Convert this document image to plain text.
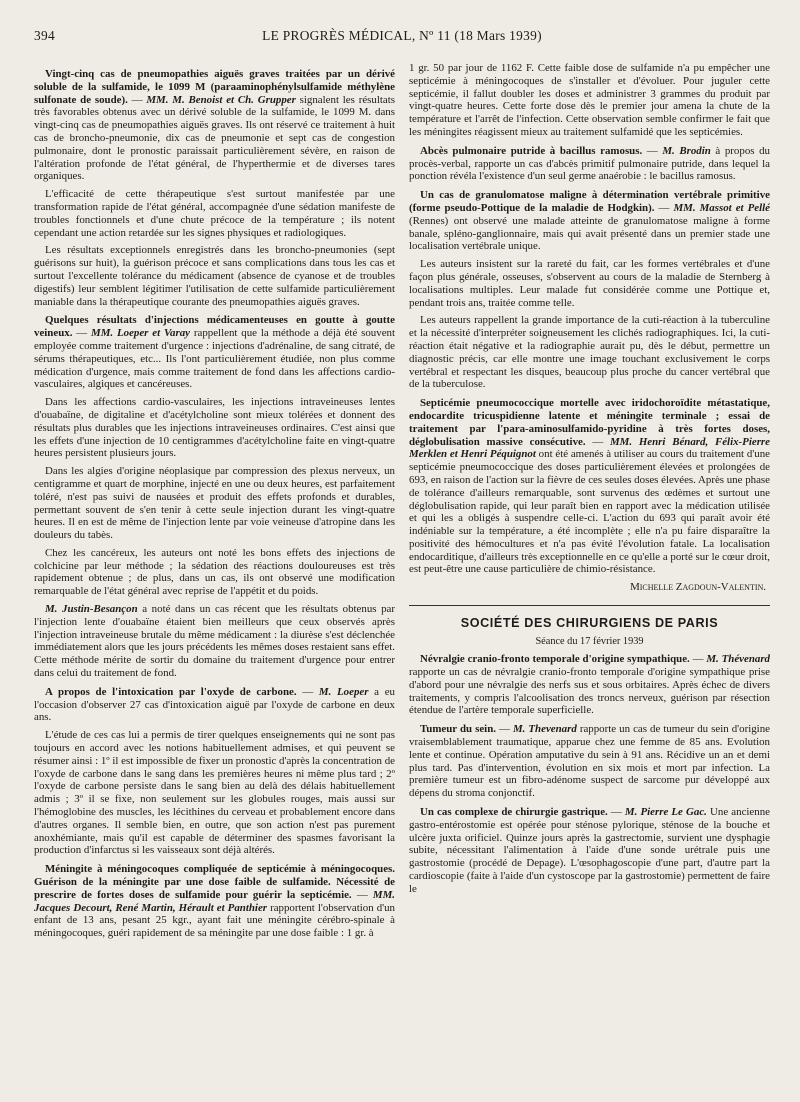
394	LE PROGRÈS MÉDICAL, Nº 11 (18 Mars 1939)

Vingt-cinq cas de pneumopathies aiguës graves traitées par un dérivé soluble de la sulfamide, le 1099 M (paraaminophénylsulfamide méthylène sulfonate de soude). — MM. M. Benoist et Ch. Grupper signalent les résultats très favorables obtenus avec un dérivé soluble de la sulfamide, le 1099 M. dans vingt-cinq cas de pneumopathies aiguës graves. Ils ont réservé ce traitement à huit cas de broncho-pneumonie, dix cas de pneumonie et sept cas de congestion pulmonaire, dont le pronostic paraissait particulièrement sévère, en raison de l'altération profonde de l'état général, de l'hyperthermie et de diverses tares organiques.

L'efficacité de cette thérapeutique s'est surtout manifestée par une transformation rapide de l'état général, accompagnée d'une sédation manifeste de troubles fonctionnels et d'une chute précoce de la température ; ils notent cependant une action retardée sur les signes physiques et radiologiques.

Les résultats exceptionnels enregistrés dans les broncho-pneumonies (sept guérisons sur huit), la guérison précoce et sans complications dans tous les cas et surtout l'excellente tolérance du médicament (absence de cyanose et de troubles digestifs) leur semblent légitimer l'utilisation de cette sulfamide particulièrement maniable dans la thérapeutique courante des pneumopathies aiguës graves.

Quelques résultats d'injections médicamenteuses en goutte à goutte veineux. — MM. Loeper et Varay rappellent que la méthode a déjà été souvent employée comme traitement d'urgence : injections d'adrénaline, de sang citraté, de sérums thérapeutiques, etc... Ils l'ont particulièrement étudiée, non plus comme médication d'urgence, mais comme traitement de fond dans les affections cardio-vasculaires, algiques et cancéreuses.

Dans les affections cardio-vasculaires, les injections intraveineuses lentes d'ouabaïne, de digitaline et d'acétylcholine sont mieux tolérées et donnent des résultats plus durables que les injections intraveineuses ordinaires. C'est ainsi que les effets d'une injection de 10 centigrammes d'acétylcholine faite en vingt-quatre heures persistent plusieurs jours.

Dans les algies d'origine néoplasique par compression des plexus nerveux, un centigramme et quart de morphine, injecté en une ou deux heures, est parfaitement toléré, n'est pas suivi de nausées et produit des effets profonds et durables, permettant souvent de s'en tenir à cette seule injection durant les vingt-quatre heures. Il en est de même de l'injection lente par voie veineuse d'atropine dans les douleurs du tabès.

Chez les cancéreux, les auteurs ont noté les bons effets des injections de colchicine par leur méthode ; la sédation des réactions douloureuses est très rapidement obtenue ; de plus, dans un cas, ils ont observé une modification remarquable de l'état général avec reprise de l'appétit et du poids.

M. Justin-Besançon a noté dans un cas récent que les résultats obtenus par l'injection lente d'ouabaïne étaient bien meilleurs que ceux observés après l'injection intraveineuse brutale du même médicament : la diurèse s'est déclenchée immédiatement alors que les jours précédents les mêmes doses restaient sans effet. Cette méthode mérite de sortir du domaine du traitement d'urgence pour entrer dans celui du traitement de fond.

A propos de l'intoxication par l'oxyde de carbone. — M. Loeper a eu l'occasion d'observer 27 cas d'intoxication aiguë par l'oxyde de carbone en deux ans.

L'étude de ces cas lui a permis de tirer quelques enseignements qui ne sont pas toujours en accord avec les notions habituellement admises, et qui peuvent se résumer ainsi : 1º il est impossible de fixer un pronostic d'après la concentration de l'oxyde de carbone dans le sang dans les premières heures ni même plus tard ; 2º l'oxyde de carbone persiste dans le sang bien au delà des délais habituellement admis ; 3º il se fixe, non seulement sur les globules rouges, mais aussi sur l'hémoglobine des muscles, les lécithines du cerveau et probablement encore dans d'autres organes. Il semble bien, en outre, que son action n'est pas purement anoxhémiante, mais qu'il est capable de déterminer des spasmes favorisant la production d'infarctus si les vaisseaux sont déjà altérés.

Méningite à méningocoques compliquée de septicémie à méningocoques. Guérison de la méningite par une dose faible de sulfamide. Nécessité de prescrire de fortes doses de sulfamide pour guérir la septicémie. — MM. Jacques Decourt, René Martin, Hérault et Panthier rapportent l'observation d'un enfant de 13 ans, pesant 25 kgr., ayant fait une méningite cérébro-spinale à méningocoques, guéri rapidement de sa méningite par une dose faible : 1 gr. à

1 gr. 50 par jour de 1162 F. Cette faible dose de sulfamide n'a pu empêcher une septicémie à méningocoques de s'installer et d'évoluer. Pour juguler cette septicémie, il fallut doubler les doses et administrer 3 grammes du produit par vingt-quatre heures. Cette forte dose dès le premier jour amena la chute de la température et l'arrêt de l'infection. Cette observation semble confirmer le fait que les méningites réagissent mieux au traitement sulfamidé que les septicémies.

Abcès pulmonaire putride à bacillus ramosus. — M. Brodin à propos du procès-verbal, rapporte un cas d'abcès primitif pulmonaire putride, dans lequel la ponction révéla l'existence d'un seul germe anaérobie : le bacillus ramosus.

Un cas de granulomatose maligne à détermination vertébrale primitive (forme pseudo-Pottique de la maladie de Hodgkin). — MM. Massot et Pellé (Rennes) ont observé une malade atteinte de granulomatose maligne à forme banale, spléno-ganglionnaire, mais qui avait présenté dans un premier stade une localisation vertébrale unique.

Les auteurs insistent sur la rareté du fait, car les formes vertébrales et d'une façon plus générale, osseuses, s'observent au cours de la maladie de Sternberg à localisations multiples. Leur malade fut considérée comme une Pottique et, pendant trois ans, traitée comme telle.

Les auteurs rappellent la grande importance de la cuti-réaction à la tuberculine et la nécessité d'interpréter soigneusement les clichés radiographiques. Ici, la cuti-réaction était négative et la radiographie aurait pu, dès le début, permettre un diagnostic précis, car elle montre une image touchant exclusivement le corps vertébral et respectant les disques, beaucoup plus proche du cancer vertébral que de la tuberculose.

Septicémie pneumococcique mortelle avec iridochoroïdite métastatique, endocardite tricuspidienne latente et méningite terminale ; essai de traitement par l'para-aminosulfamido-pyridine à très fortes doses, déglobulisation massive consécutive. — MM. Henri Bénard, Félix-Pierre Merklen et Henri Péquignot ont été amenés à utiliser au cours du traitement d'une septicémie pneumococcique des doses particulièrement élevées et prolongées de 693, en raison de l'action sur la fièvre de ces seules doses élevées. Après une phase de tolérance d'ailleurs remarquable, sont survenus des œdèmes et surtout une déglobulisation rapide, qui leur paraît bien en rapport avec la médication utilisée et qui les a obligés à suspendre celle-ci. L'action du 693 qui paraît avoir été indéniable sur la température, a été incomplète ; elle n'a pu faire disparaître la positivité des hémocultures et n'a pas évité l'évolution fatale. La localisation endocarditique, d'ailleurs très exceptionnelle en ce qu'elle a porté sur le cœur droit, est peut-être une cause particulière de chimio-résistance.

Michelle Zagdoun-Valentin.
SOCIÉTÉ DES CHIRURGIENS DE PARIS
Séance du 17 février 1939

Névralgie cranio-fronto temporale d'origine sympathique. — M. Thévenard rapporte un cas de névralgie cranio-fronto temporale d'origine sympathique prise d'abord pour une névralgie des nerfs sus et sous orbitaires. Après échec de divers traitements, y compris l'alcoolisation des troncs nerveux, guérison par résection étendue de l'artère temporale superficielle.

Tumeur du sein. — M. Thevenard rapporte un cas de tumeur du sein d'origine vraisemblablement traumatique, apparue chez une femme de 85 ans. Evolution lente et continue. Opération amputative du sein à 91 ans. Récidive un an et demi plus tard. Pas d'intervention, évolution en six mois et mort par infection. La première tumeur est un fibro-adénome suspect de sarcome pur développé aux dépens du stroma conjonctif.

Un cas complexe de chirurgie gastrique. — M. Pierre Le Gac. Une ancienne gastro-entérostomie est opérée pour sténose pylorique, sténose de la bouche et ulcère juxta orificiel. Quinze jours après la gastrectomie, survient une dysphagie subite, nécessitant l'alimentation à l'aide d'une sonde urétrale puis une gastrostomie (procédé de Depage). L'œsophagoscopie d'une part, d'autre part la cardioscopie (faite à l'aide d'un cystoscope par la gastrostomie) permettent de faire le
